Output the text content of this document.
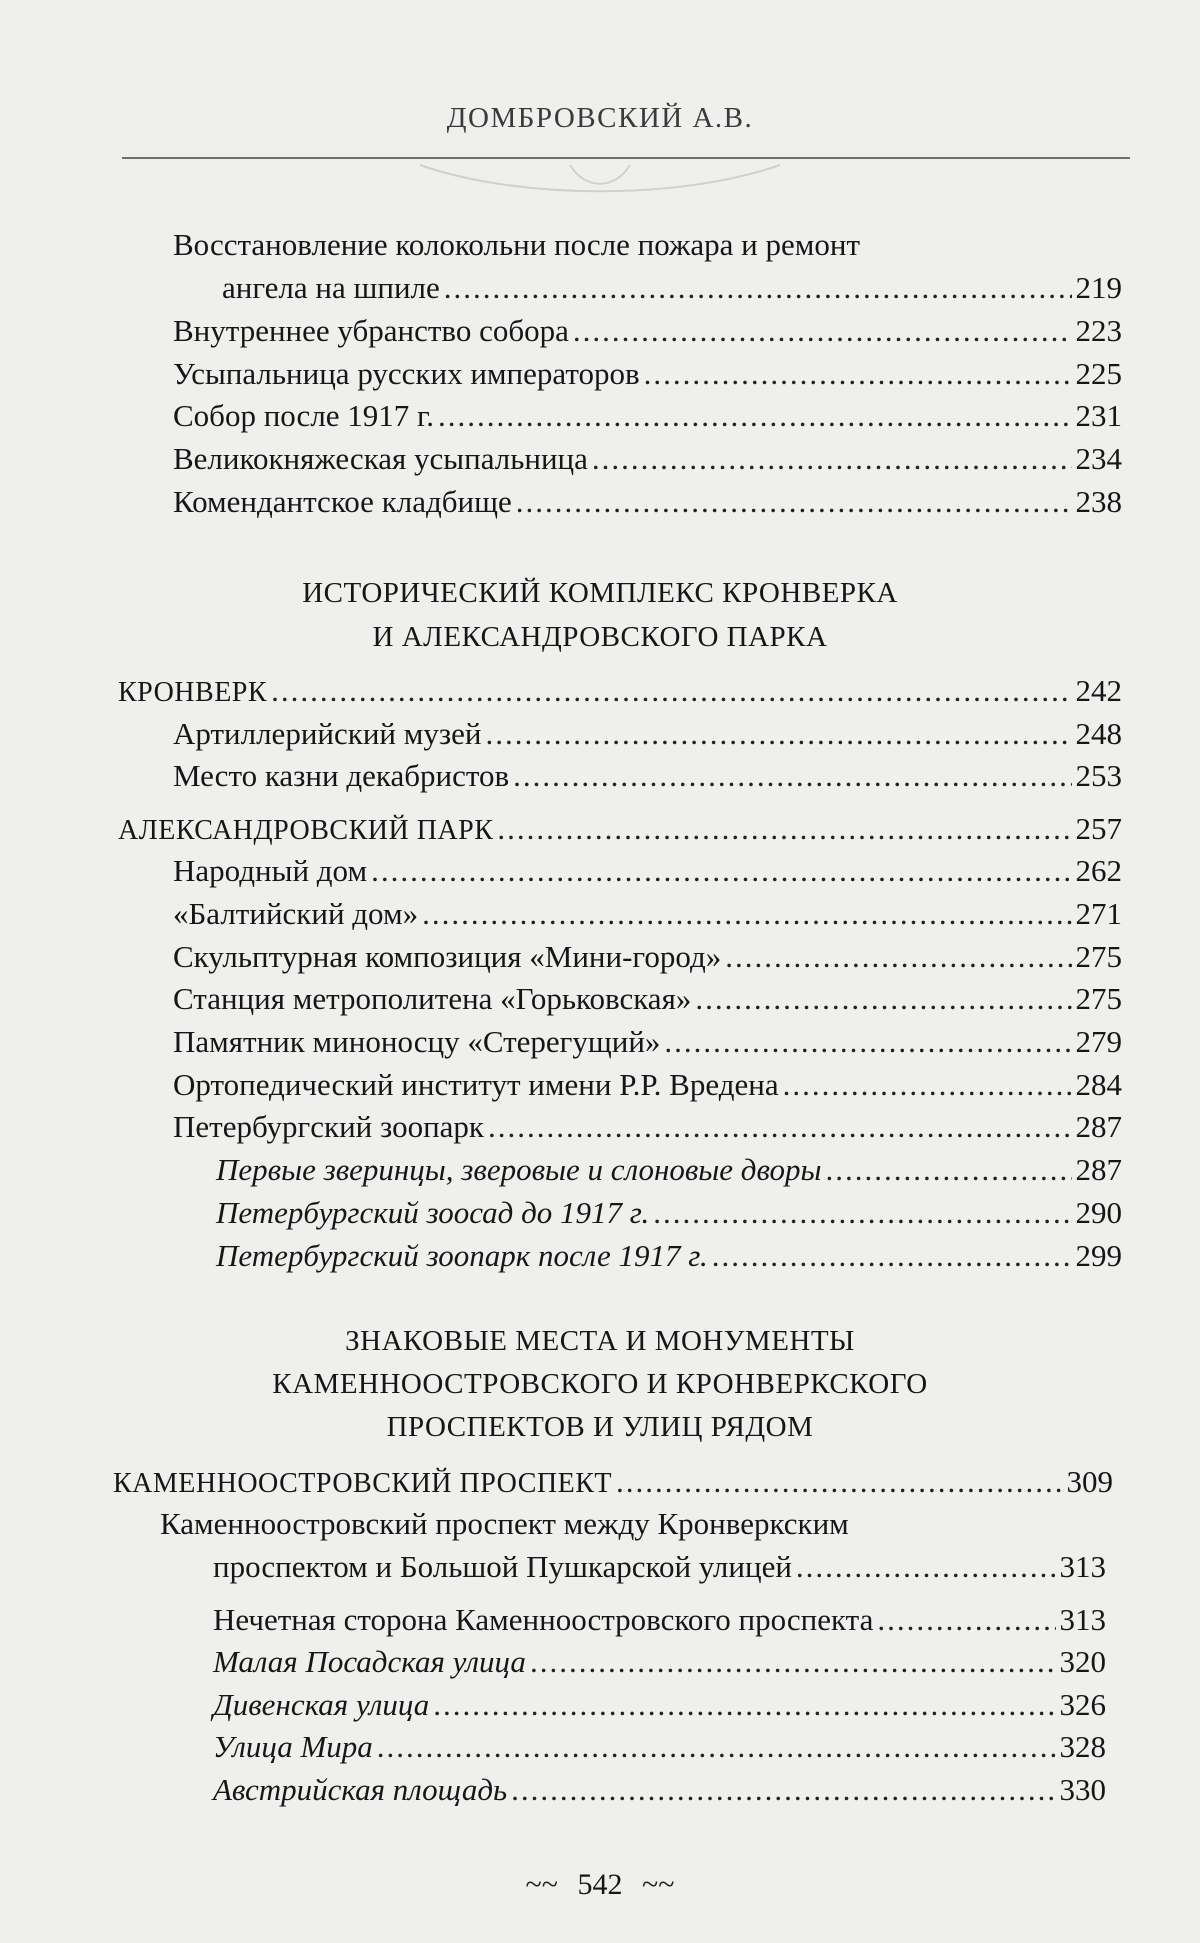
ДОМБРОВСКИЙ А.В.
Восстановление колокольни после пожара и ремонт
ангела на шпиле .....	219
Внутреннее убранство собора .....	223
Усыпальница русских императоров .....	225
Собор после 1917 г. .....	231
Великокняжеская усыпальница .....	234
Комендантское кладбище .....	238
ИСТОРИЧЕСКИЙ КОМПЛЕКС КРОНВЕРКА
И АЛЕКСАНДРОВСКОГО ПАРКА
КРОНВЕРК .....	242
Артиллерийский музей .....	248
Место казни декабристов .....	253
АЛЕКСАНДРОВСКИЙ ПАРК .....	257
Народный дом .....	262
«Балтийский дом» .....	271
Скульптурная композиция «Мини-город» .....	275
Станция метрополитена «Горьковская» .....	275
Памятник миноносцу «Стерегущий» .....	279
Ортопедический институт имени Р.Р. Вредена .....	284
Петербургский зоопарк .....	287
Первые зверинцы, зверовые и слоновые дворы .....	287
Петербургский зоосад до 1917 г. .....	290
Петербургский зоопарк после 1917 г. .....	299
ЗНАКОВЫЕ МЕСТА И МОНУМЕНТЫ
КАМЕННООСТРОВСКОГО И КРОНВЕРКСКОГО
ПРОСПЕКТОВ И УЛИЦ РЯДОМ
КАМЕННООСТРОВСКИЙ ПРОСПЕКТ .....	309
Каменноостровский проспект между Кронверкским
проспектом и Большой Пушкарской улицей .....	313
Нечетная сторона Каменноостровского проспекта .....	313
Малая Посадская улица .....	320
Дивенская улица .....	326
Улица Мира .....	328
Австрийская площадь .....	330
~~ 542 ~~
